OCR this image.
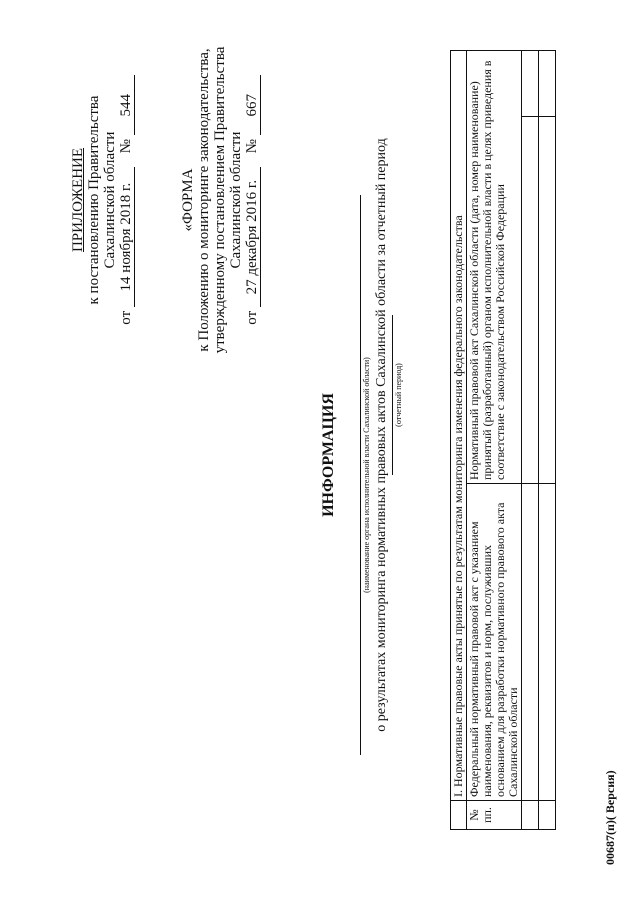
ПРИЛОЖЕНИЕ к постановлению Правительства Сахалинской области
от 14 ноября 2018 г. № 544
«ФОРМА к Положению о мониторинге законодательства, утвержденному постановлением Правительства Сахалинской области
от 27 декабря 2016 г. № 667
ИНФОРМАЦИЯ	(наименование органа исполнительной власти Сахалинской области) о результатах мониторинга нормативных правовых актов Сахалинской области за отчетный период (отчетный период)
		I. Нормативные правовые акты принятые по результатам мониторинга изменения федерального законодательства		

№ пп.	Федеральный нормативный правовой акт с указанием наименования, реквизитов и норм, послуживших основанием для разработки нормативного правового акта Сахалинской области	Нормативный правовой акт Сахалинской области (дата, номер наименование) принятый (разработанный) органом исполнительной власти в целях приведения в соответствие с законодательством Российской Федерации	

00687(п)( Версия)
